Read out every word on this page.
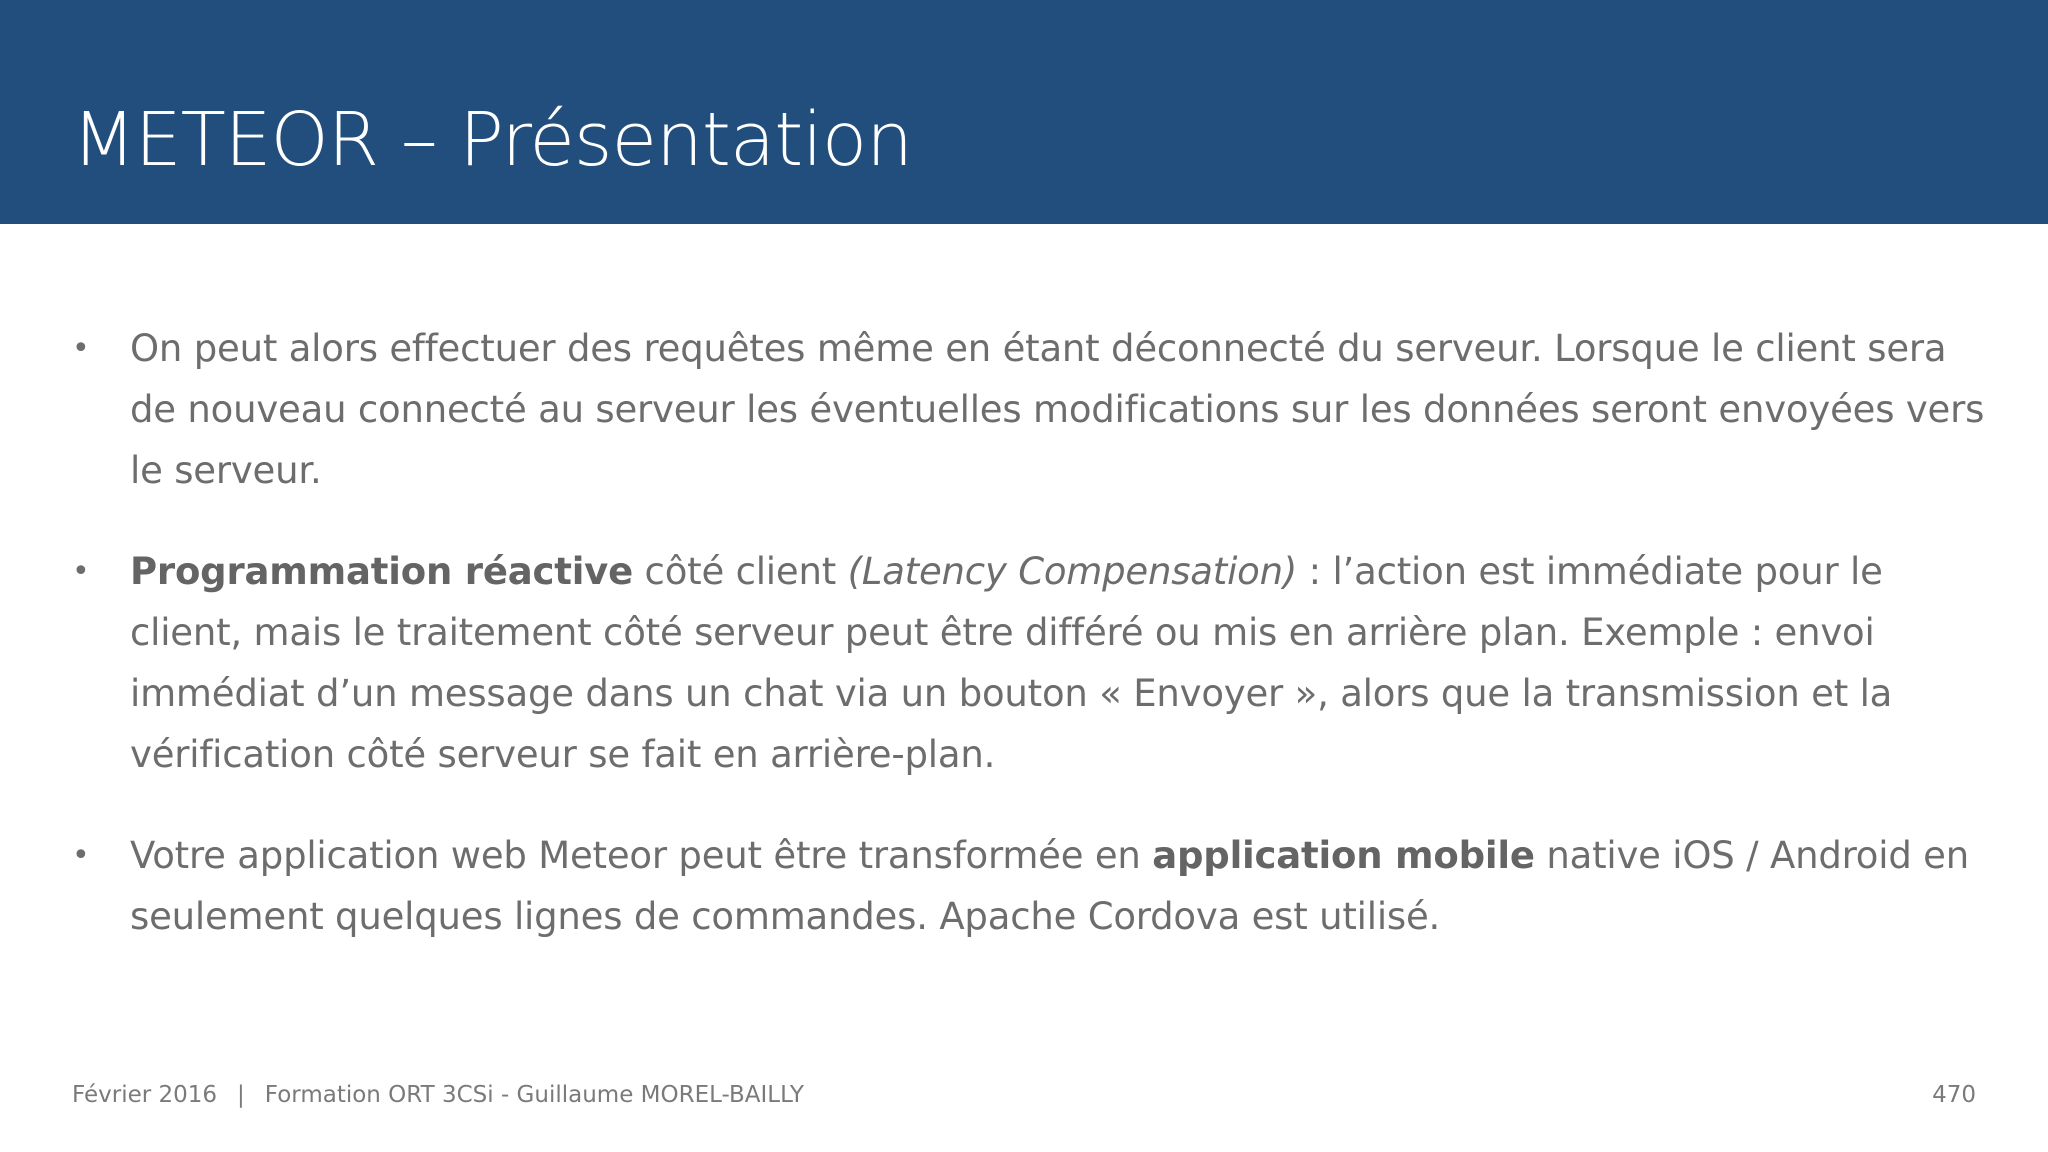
METEOR – Présentation
•	On peut alors effectuer des requêtes même en étant déconnecté du serveur. Lorsque le client sera de nouveau connecté au serveur les éventuelles modifications sur les données seront envoyées vers le serveur.
•	Programmation réactive côté client (Latency Compensation) : l’action est immédiate pour le client, mais le traitement côté serveur peut être différé ou mis en arrière plan. Exemple : envoi immédiat d’un message dans un chat via un bouton « Envoyer », alors que la transmission et la vérification côté serveur se fait en arrière-plan.
•	Votre application web Meteor peut être transformée en application mobile native iOS / Android en seulement quelques lignes de commandes. Apache Cordova est utilisé.
Février 2016 | Formation ORT 3CSi - Guillaume MOREL-BAILLY	470
